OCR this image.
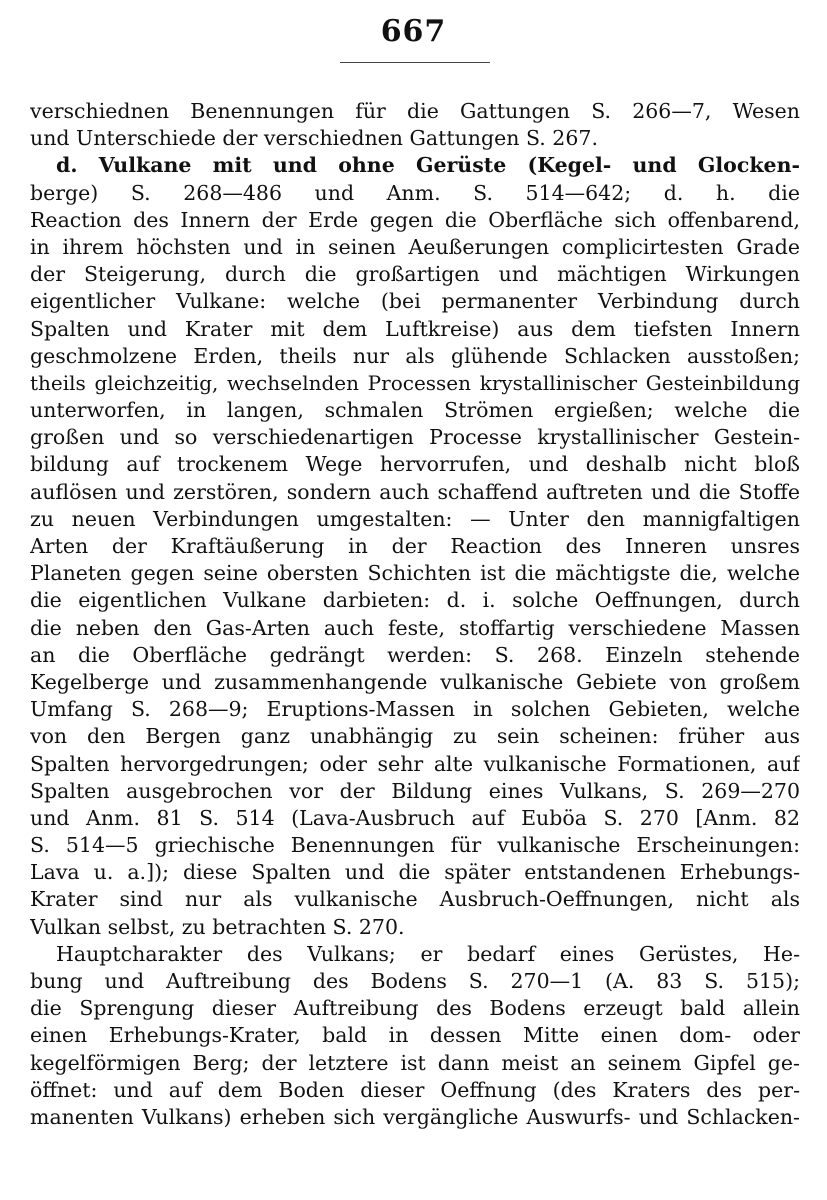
667
verschiednen Benennungen für die Gattungen S. 266—7, Wesen
und Unterschiede der verschiednen Gattungen S. 267.
d. Vulkane mit und ohne Gerüste (Kegel- und Glocken-
berge) S. 268—486 und Anm. S. 514—642; d. h. die
Reaction des Innern der Erde gegen die Oberfläche sich offenbarend,
in ihrem höchsten und in seinen Aeußerungen complicirtesten Grade
der Steigerung, durch die großartigen und mächtigen Wirkungen
eigentlicher Vulkane: welche (bei permanenter Verbindung durch
Spalten und Krater mit dem Luftkreise) aus dem tiefsten Innern
geschmolzene Erden, theils nur als glühende Schlacken ausstoßen;
theils gleichzeitig, wechselnden Processen krystallinischer Gesteinbildung
unterworfen, in langen, schmalen Strömen ergießen; welche die
großen und so verschiedenartigen Processe krystallinischer Gestein-
bildung auf trockenem Wege hervorrufen, und deshalb nicht bloß
auflösen und zerstören, sondern auch schaffend auftreten und die Stoffe
zu neuen Verbindungen umgestalten: — Unter den mannigfaltigen
Arten der Kraftäußerung in der Reaction des Inneren unsres
Planeten gegen seine obersten Schichten ist die mächtigste die, welche
die eigentlichen Vulkane darbieten: d. i. solche Oeffnungen, durch
die neben den Gas-Arten auch feste, stoffartig verschiedene Massen
an die Oberfläche gedrängt werden: S. 268. Einzeln stehende
Kegelberge und zusammenhangende vulkanische Gebiete von großem
Umfang S. 268—9; Eruptions-Massen in solchen Gebieten, welche
von den Bergen ganz unabhängig zu sein scheinen: früher aus
Spalten hervorgedrungen; oder sehr alte vulkanische Formationen, auf
Spalten ausgebrochen vor der Bildung eines Vulkans, S. 269—270
und Anm. 81 S. 514 (Lava-Ausbruch auf Euböa S. 270 [Anm. 82
S. 514—5 griechische Benennungen für vulkanische Erscheinungen:
Lava u. a.]); diese Spalten und die später entstandenen Erhebungs-
Krater sind nur als vulkanische Ausbruch-Oeffnungen, nicht als
Vulkan selbst, zu betrachten S. 270.
Hauptcharakter des Vulkans; er bedarf eines Gerüstes, He-
bung und Auftreibung des Bodens S. 270—1 (A. 83 S. 515);
die Sprengung dieser Auftreibung des Bodens erzeugt bald allein
einen Erhebungs-Krater, bald in dessen Mitte einen dom- oder
kegelförmigen Berg; der letztere ist dann meist an seinem Gipfel ge-
öffnet: und auf dem Boden dieser Oeffnung (des Kraters des per-
manenten Vulkans) erheben sich vergängliche Auswurfs- und Schlacken-
